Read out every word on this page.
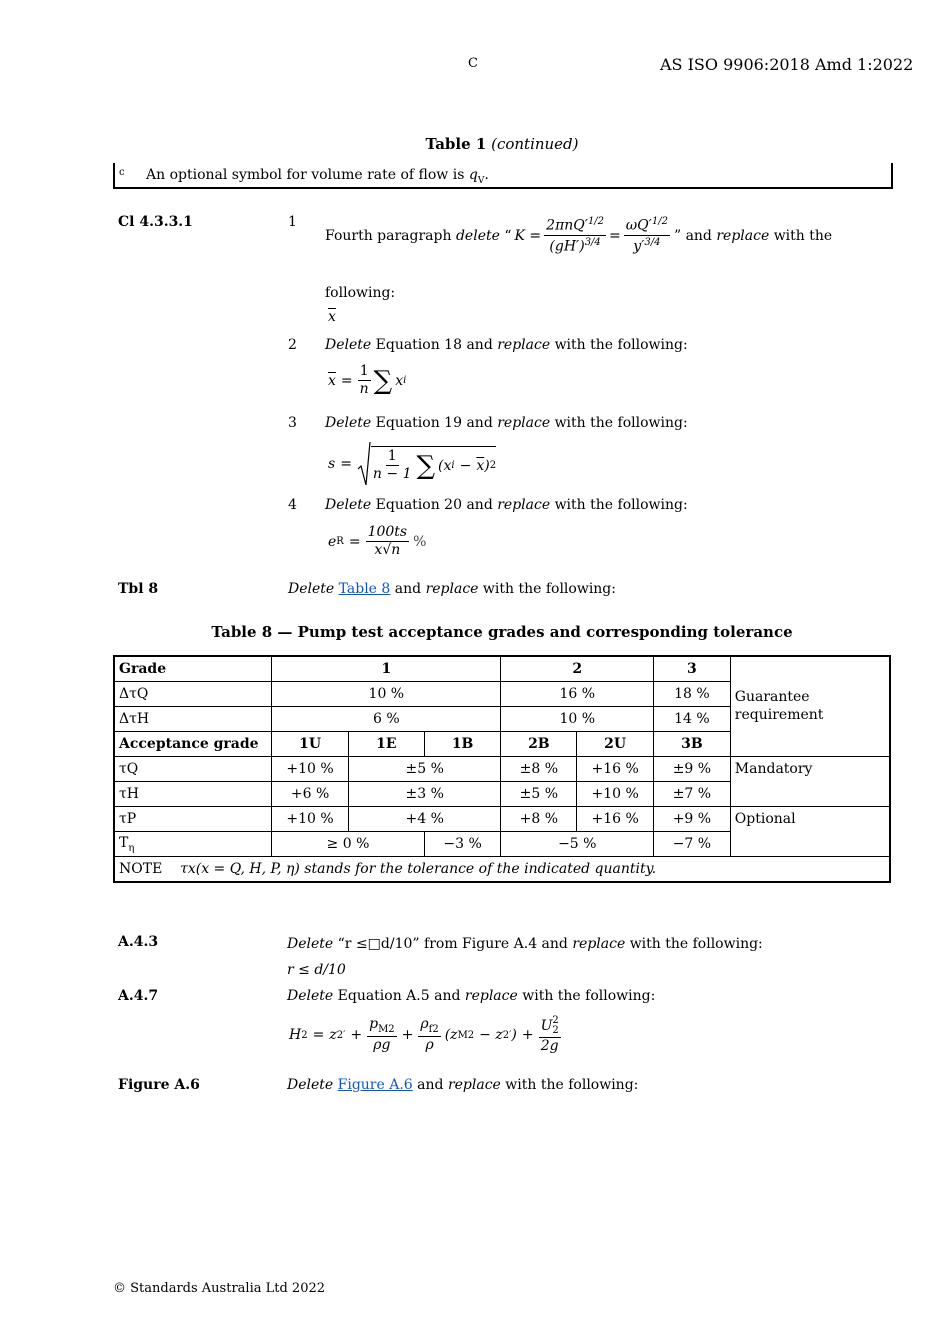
C	AS ISO 9906:2018 Amd 1:2022
Table 1 (continued)
c An optional symbol for volume rate of flow is $q_V$.
Cl 4.3.3.1	1
Fourth paragraph
delete
“ $K = \frac{2\pi nQ'^{1/2}}{(gH')^{3/4}} = \frac{\omega Q'^{1/2}}{y'^{3/4}}$ ”
and
replace
with the
following:
$\overline{x}$
2 Delete Equation 18 and replace with the following:
$\overline{x} = \frac{1}{n}$ ∑ x i
3 Delete Equation 19 and replace with the following:
$s = \frac{1}{n - 1}$ ∑ (x $i - \overline{x}$ ) 2
4 Delete Equation 20 and replace with the following:
e $R = \frac{100ts}{\overline{x}√n}$ %
Tbl 8	Delete Table 8 and replace with the following:
Table 8 — Pump test acceptance grades and corresponding tolerance
Grade	1			2		3	Guarantee requirement
ΔτQ	10 %			16 %		18 %	
ΔτH	6 %			10 %		14 %	
Acceptance grade	1U	1E	1B	2B	2U	3B	
τQ	+10 %	±5 %		±8 %	+16 %	±9 %	Mandatory
τH	+6 %	±3 %		±5 %	+10 %	±7 %	
τP	+10 %	+4 %		+8 %	+16 %	+9 %	Optional
$T_\eta$	≥ 0 %		−3 %	−5 %		−7 %	
NOTE τx(x = Q, H, P, η) stands for the tolerance of the indicated quantity.							
A.4.3	Delete “r ≤□d/10” from Figure A.4 and replace with the following:
r ≤ d/10
A.4.7	Delete Equation A.5 and replace with the following:
H 2 = z $2' + \frac{p_{M2}}{\rho g} + \frac{\rho_{f2}}{\rho} (z$ M2 − z 2′ ) + U 2
2
2g
Figure A.6	Delete Figure A.6 and replace with the following:
© Standards Australia Ltd 2022
